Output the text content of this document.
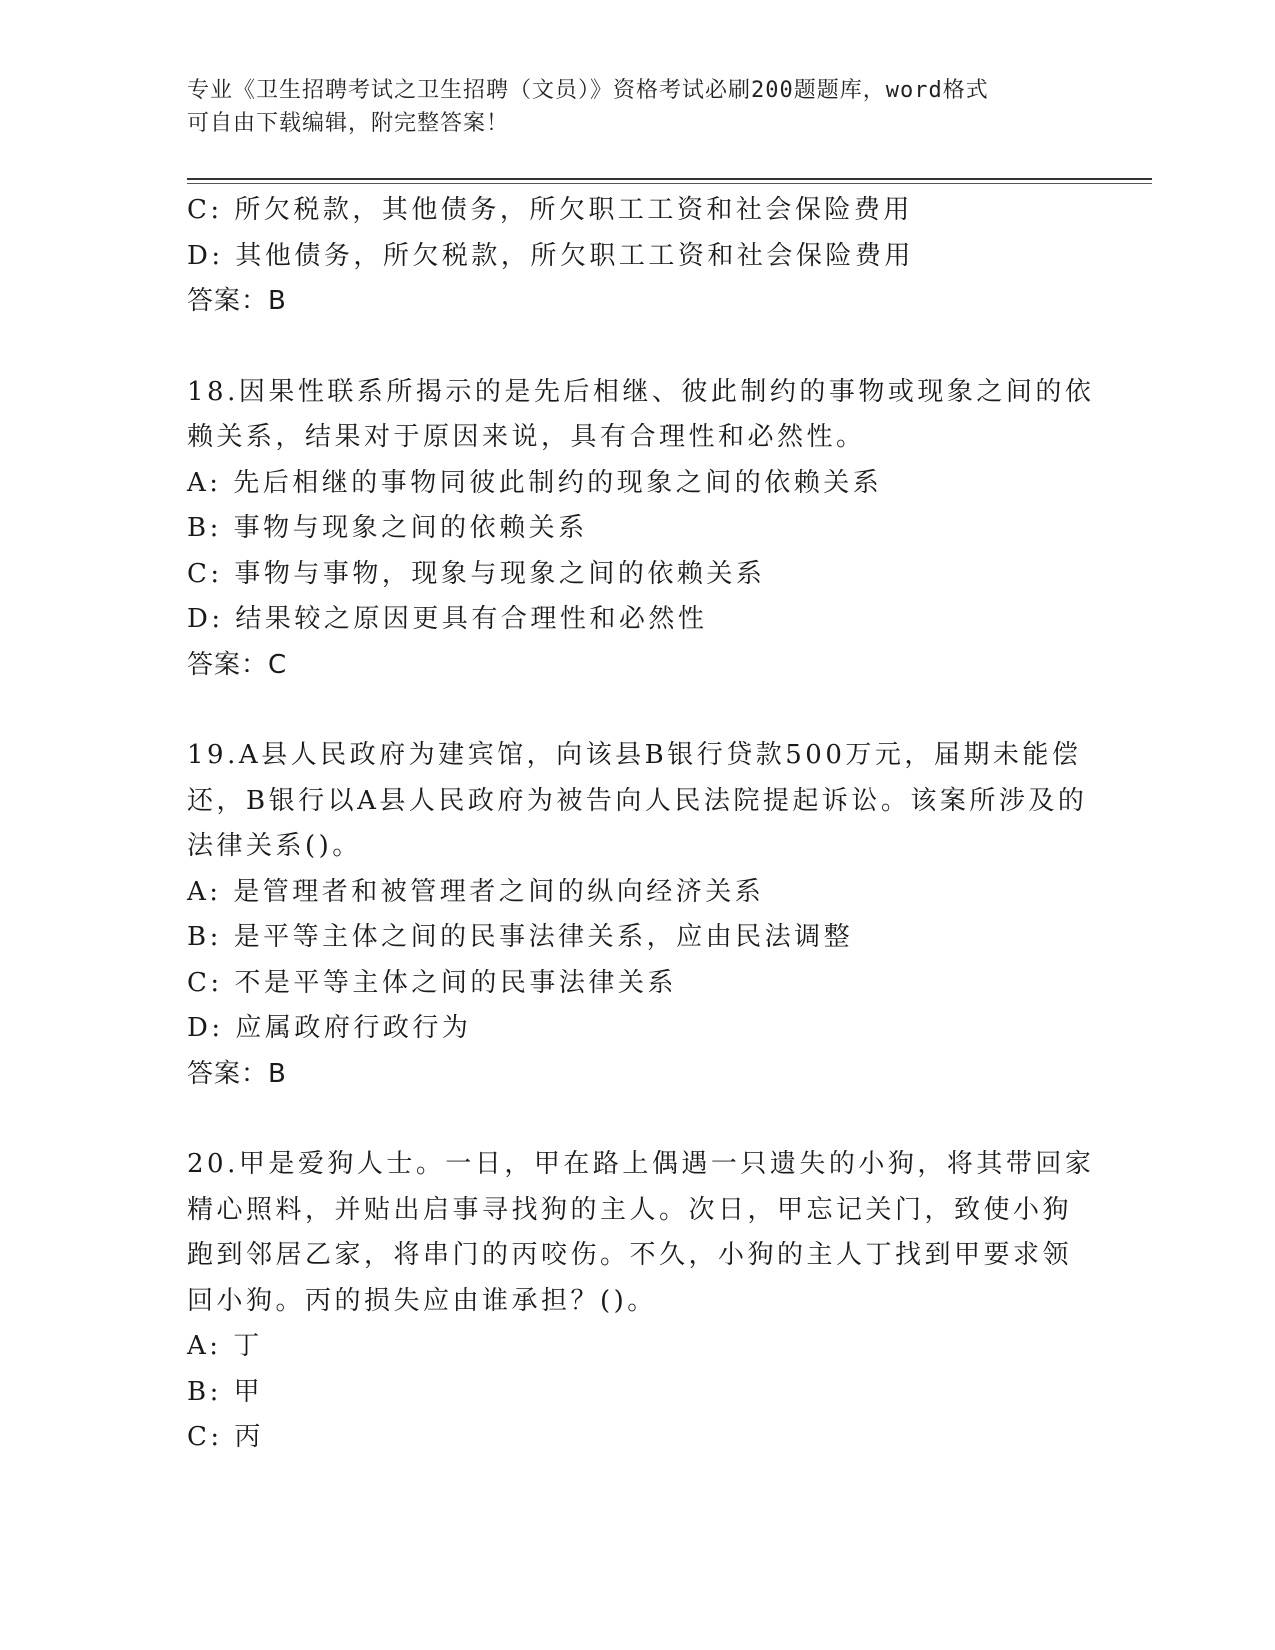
专业《卫生招聘考试之卫生招聘（文员）》资格考试必刷200题题库，word格式
可自由下载编辑，附完整答案！
C: 所欠税款，其他债务，所欠职工工资和社会保险费用
D: 其他债务，所欠税款，所欠职工工资和社会保险费用
答案：B
18.因果性联系所揭示的是先后相继、彼此制约的事物或现象之间的依
赖关系，结果对于原因来说，具有合理性和必然性。
A: 先后相继的事物同彼此制约的现象之间的依赖关系
B: 事物与现象之间的依赖关系
C: 事物与事物，现象与现象之间的依赖关系
D: 结果较之原因更具有合理性和必然性
答案：C
19.A县人民政府为建宾馆，向该县B银行贷款500万元，届期未能偿
还，B银行以A县人民政府为被告向人民法院提起诉讼。该案所涉及的
法律关系()。
A: 是管理者和被管理者之间的纵向经济关系
B: 是平等主体之间的民事法律关系，应由民法调整
C: 不是平等主体之间的民事法律关系
D: 应属政府行政行为
答案：B
20.甲是爱狗人士。一日，甲在路上偶遇一只遗失的小狗，将其带回家
精心照料，并贴出启事寻找狗的主人。次日，甲忘记关门，致使小狗
跑到邻居乙家，将串门的丙咬伤。不久，小狗的主人丁找到甲要求领
回小狗。丙的损失应由谁承担？()。
A: 丁
B: 甲
C: 丙
